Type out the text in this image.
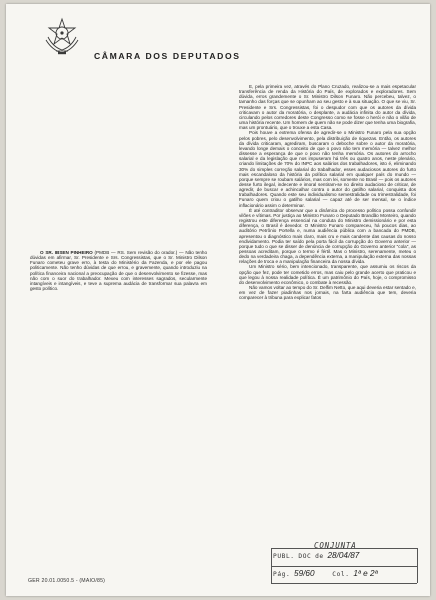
CÂMARA DOS DEPUTADOS

O SR. IBSEN PINHEIRO (PMDB — RS. Sem revisão do orador.) — Não tenho dúvidas em afirmar, Sr. Presidente e Srs. Congressistas, que o Sr. Ministro Dilson Funaro cometeu grave erro, à testa do Ministério da Fazenda, e por ele pagou politicamente. Não tenho dúvidas de que errou, e gravemente, quando introduziu na política financeira nacional a preocupação de que o desenvolvimento se fizesse, mas não com o suor do trabalhador. Mexeu com interesses sagrados, secularmente intangíveis e intangíveis, e teve a suprema audácia de transformar sua palavra em gesto político.

E, pela primeira vez, através do Plano Cruzado, realizou-se a mais espetacular transferência de renda da História do País, de explorados e exploradores. Sem dúvida, erros grandemente o Sr. Ministro Dilson Funaro. Não percebeu, talvez, o tamanho das forças que se opunham ao seu gesto e à sua situação. O que se viu, Sr. Presidente e Srs. Congressistas, foi o despudor com que os autores da dívida criticavam o autor da moratória, o desplante, a audácia infinita do autor da dívida, circulando pelos corredores deste Congresso como se fosse o herói e não o vilão de uma história recente. Um homem de quem não se pode dizer que tenha uma biografia, mas um prontuário, que o trouxe a esta Casa.

Pois houve a extrema ofensa de agredir-se o Ministro Funaro pela sua opção pelos pobres, pelo desenvolvimento, pela distribuição de riquezas. Então, os autores da dívida criticaram, agrediram, buscaram o deboche sobre o autor da moratória, levando longe demais o conceito de que o povo não tem memória — talvez melhor dissesse a esperança de que o povo não tenha memória. Os autores do arrocho salarial e da legislação que nos impuseram há três ou quatro anos, neste plenário, criando limitações de 70% do INPC aos salários dos trabalhadores, isto é, eliminando 30% do simples correção salarial do trabalhador, esses audaciosos autores do furto mais escandaloso da história da política salarial em qualquer país do mundo — porque sempre se roubam salários, mas com lei, somente no Brasil — pois os autores desse furto ilegal, indecente e imoral sentiram-se no direito audacioso de criticar, de agredir, de buscar e achincalhar contra o autor do gatilho salarial, conquista dos trabalhadores. Quando este seu individualismo semestralidade ou trimestralidade, foi Funaro quem criou o gatilho salarial — capaz até de ser mensal, se o índice inflacionário assim o determinar.

É até contraditor observar que a dinâmica do processo político possa confundir vilões e vítimas. Por justiça ao Ministro Funaro o Deputado Brandão Monteiro, quando registrou este diferença essencial na conduta do Ministro demissionário e por esta diferença, o Brasil é devedor. O Ministro Funaro compareceu, há poucos dias, ao auditório Petrônio Portella e, numa audiência pública com a bancada do PMDB, apresentou o diagnóstico mais claro, mais cru e mais candente das causas do nosso endividamento. Podia ter saído pela porta fácil da corrupção do Governo anterior — porque tudo o que se disser de denúncia de corrupção do Governo anterior "cola", as pessoas acreditam, porque o termo é fértil. Mas o Ministro, serenamente, meteu o dedo na verdadeira chaga, a dependência externa, a manipulação externa das nossas relações de troca e a manipulação financeira da nossa dívida.

Um Ministro sério, bem intencionado, transparente, que assumiu os riscos da opção que fez, pode ter cometido erros, mas caiu pelo grande acerto que praticou e que legou à nossa realidade política. É um patrimônio do País, hoje, o compromisso do desenvolvimento econômico, o combate à recessão.

Não vamos voltar ao tempo do Sr. Delfim Netto, que aqui deveria estar sentado e, em vez de fazer piadinhas nos jornais, na farta audiência que tem, deveria comparecer à tribuna para explicar fatos

GER 20.01.0050.5 - (MAIO/85)
CONJUNTA
PUBL. DOC de 28/04/87
Pág. 59/60	Col. 1ª e 2ª
